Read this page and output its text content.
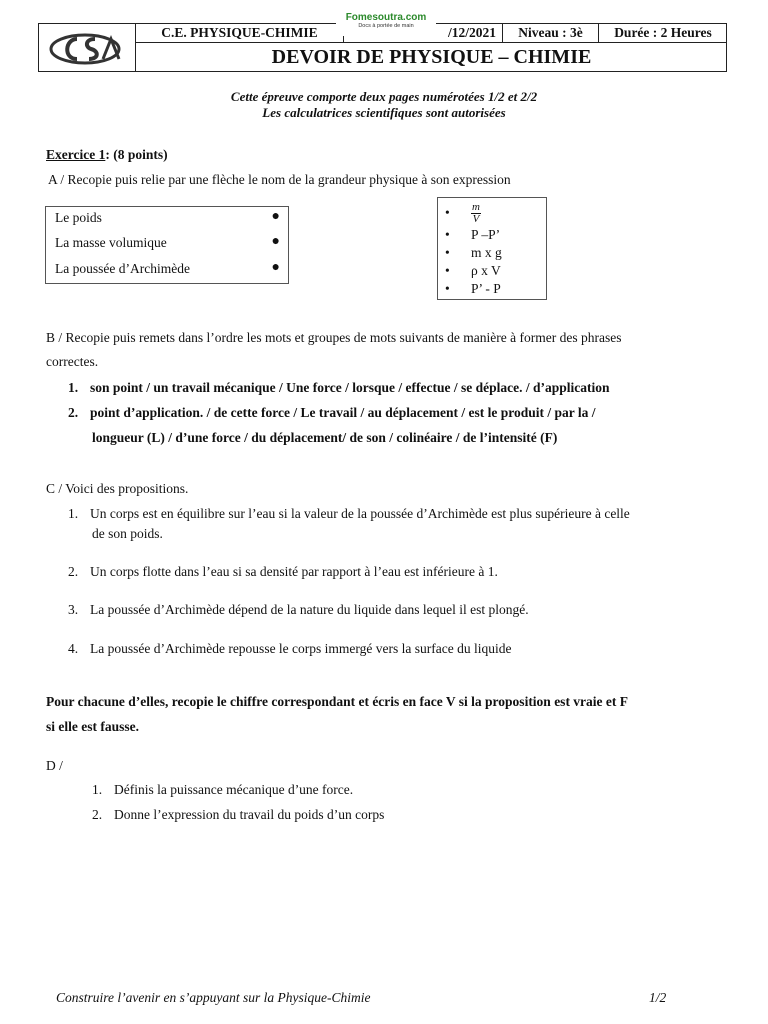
C.E. PHYSIQUE-CHIMIE	/12/2021	Niveau : 3è	Durée : 2 Heures
DEVOIR DE PHYSIQUE – CHIMIE
Fomesoutra.com
Docs à portée de main
Cette épreuve comporte deux pages numérotées 1/2 et 2/2
Les calculatrices scientifiques sont autorisées
Exercice 1: (8 points)
A / Recopie puis relie par une flèche le nom de la grandeur physique à son expression
Le poids	●
La masse volumique	●
La poussée d’Archimède	●
• $\frac{m}{V}$
• P –P’
• m x g
• ρ x V
• P’ - P
B / Recopie puis remets dans l’ordre les mots et groupes de mots suivants de manière à former des phrases
correctes.
1. son point / un travail mécanique / Une force / lorsque / effectue / se déplace. / d’application
2. point d’application. / de cette force / Le travail / au déplacement / est le produit / par la /
longueur (L) / d’une force / du déplacement/ de son / colinéaire / de l’intensité (F)
C / Voici des propositions.
1. Un corps est en équilibre sur l’eau si la valeur de la poussée d’Archimède est plus supérieure à celle
de son poids.
2. Un corps flotte dans l’eau si sa densité par rapport à l’eau est inférieure à 1.
3. La poussée d’Archimède dépend de la nature du liquide dans lequel il est plongé.
4. La poussée d’Archimède repousse le corps immergé vers la surface du liquide
Pour chacune d’elles, recopie le chiffre correspondant et écris en face V si la proposition est vraie et F
si elle est fausse.
D /
1. Définis la puissance mécanique d’une force.
2. Donne l’expression du travail du poids d’un corps
Construire l’avenir en s’appuyant sur la Physique-Chimie	1/2
